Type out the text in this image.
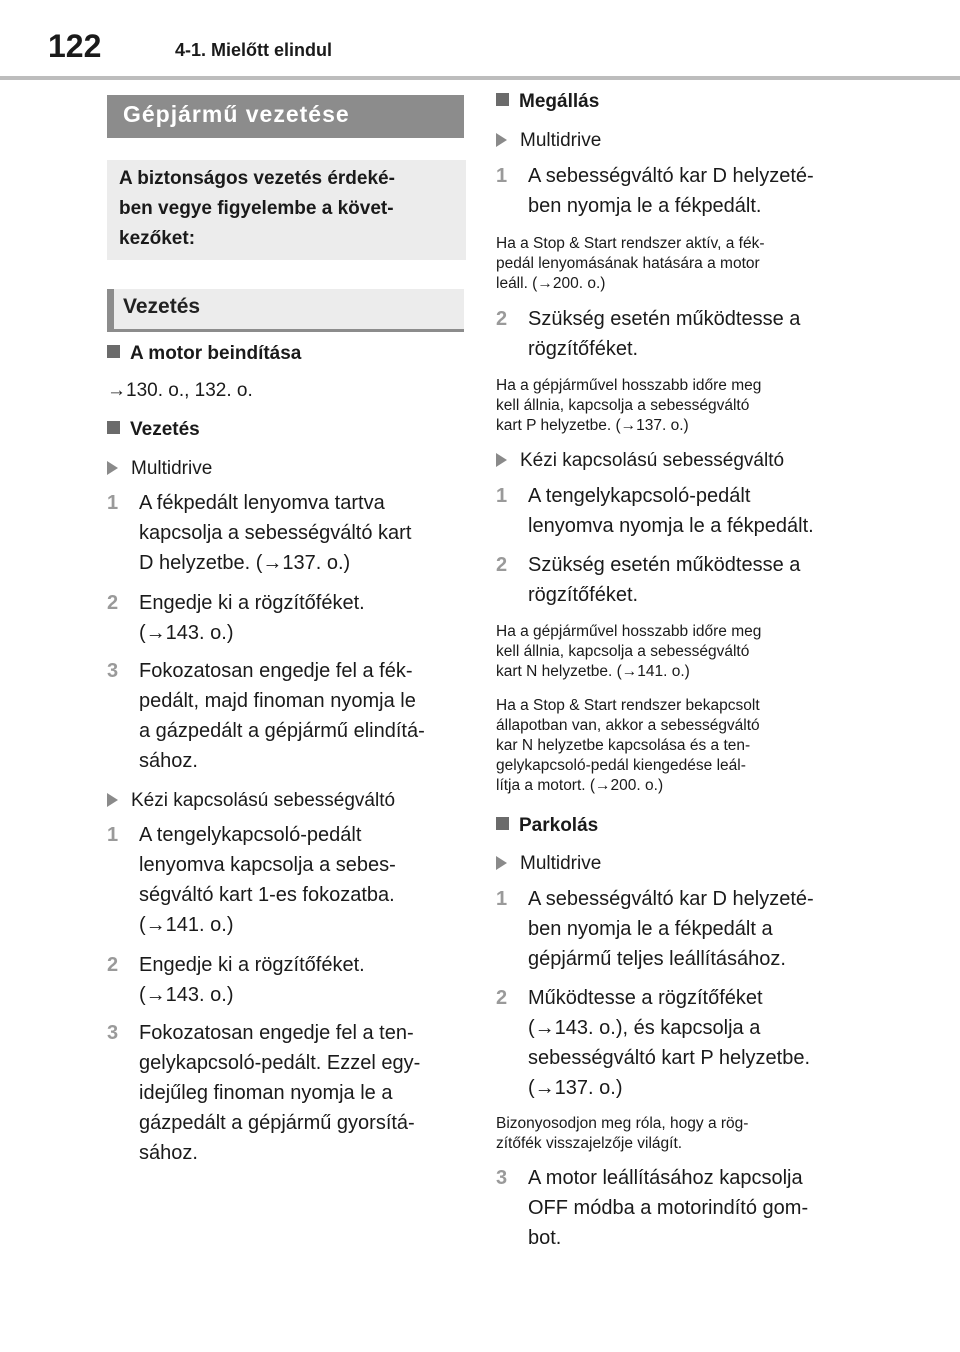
122	4-1. Mielőtt elindul
Gépjármű vezetése
A biztonságos vezetés érdeké-
ben vegye figyelembe a követ-
kezőket:
Vezetés
A motor beindítása
→130. o., 132. o.
Vezetés
Multidrive
1	A fékpedált lenyomva tartva
kapcsolja a sebességváltó kart
D helyzetbe. (→137. o.)
2	Engedje ki a rögzítőféket.
(→143. o.)
3	Fokozatosan engedje fel a fék-
pedált, majd finoman nyomja le
a gázpedált a gépjármű elindítá-
sához.
Kézi kapcsolású sebességváltó
1	A tengelykapcsoló-pedált
lenyomva kapcsolja a sebes-
ségváltó kart 1-es fokozatba.
(→141. o.)
2	Engedje ki a rögzítőféket.
(→143. o.)
3	Fokozatosan engedje fel a ten-
gelykapcsoló-pedált. Ezzel egy-
idejűleg finoman nyomja le a
gázpedált a gépjármű gyorsítá-
sához.
Megállás
Multidrive
1	A sebességváltó kar D helyzeté-
ben nyomja le a fékpedált.
Ha a Stop & Start rendszer aktív, a fék-
pedál lenyomásának hatására a motor
leáll. (→200. o.)
2	Szükség esetén működtesse a
rögzítőféket.
Ha a gépjárművel hosszabb időre meg
kell állnia, kapcsolja a sebességváltó
kart P helyzetbe. (→137. o.)
Kézi kapcsolású sebességváltó
1	A tengelykapcsoló-pedált
lenyomva nyomja le a fékpedált.
2	Szükség esetén működtesse a
rögzítőféket.
Ha a gépjárművel hosszabb időre meg
kell állnia, kapcsolja a sebességváltó
kart N helyzetbe. (→141. o.)
Ha a Stop & Start rendszer bekapcsolt
állapotban van, akkor a sebességváltó
kar N helyzetbe kapcsolása és a ten-
gelykapcsoló-pedál kiengedése leál-
lítja a motort. (→200. o.)
Parkolás
Multidrive
1	A sebességváltó kar D helyzeté-
ben nyomja le a fékpedált a
gépjármű teljes leállításához.
2	Működtesse a rögzítőféket
(→143. o.), és kapcsolja a
sebességváltó kart P helyzetbe.
(→137. o.)
Bizonyosodjon meg róla, hogy a rög-
zítőfék visszajelzője világít.
3	A motor leállításához kapcsolja
OFF módba a motorindító gom-
bot.
